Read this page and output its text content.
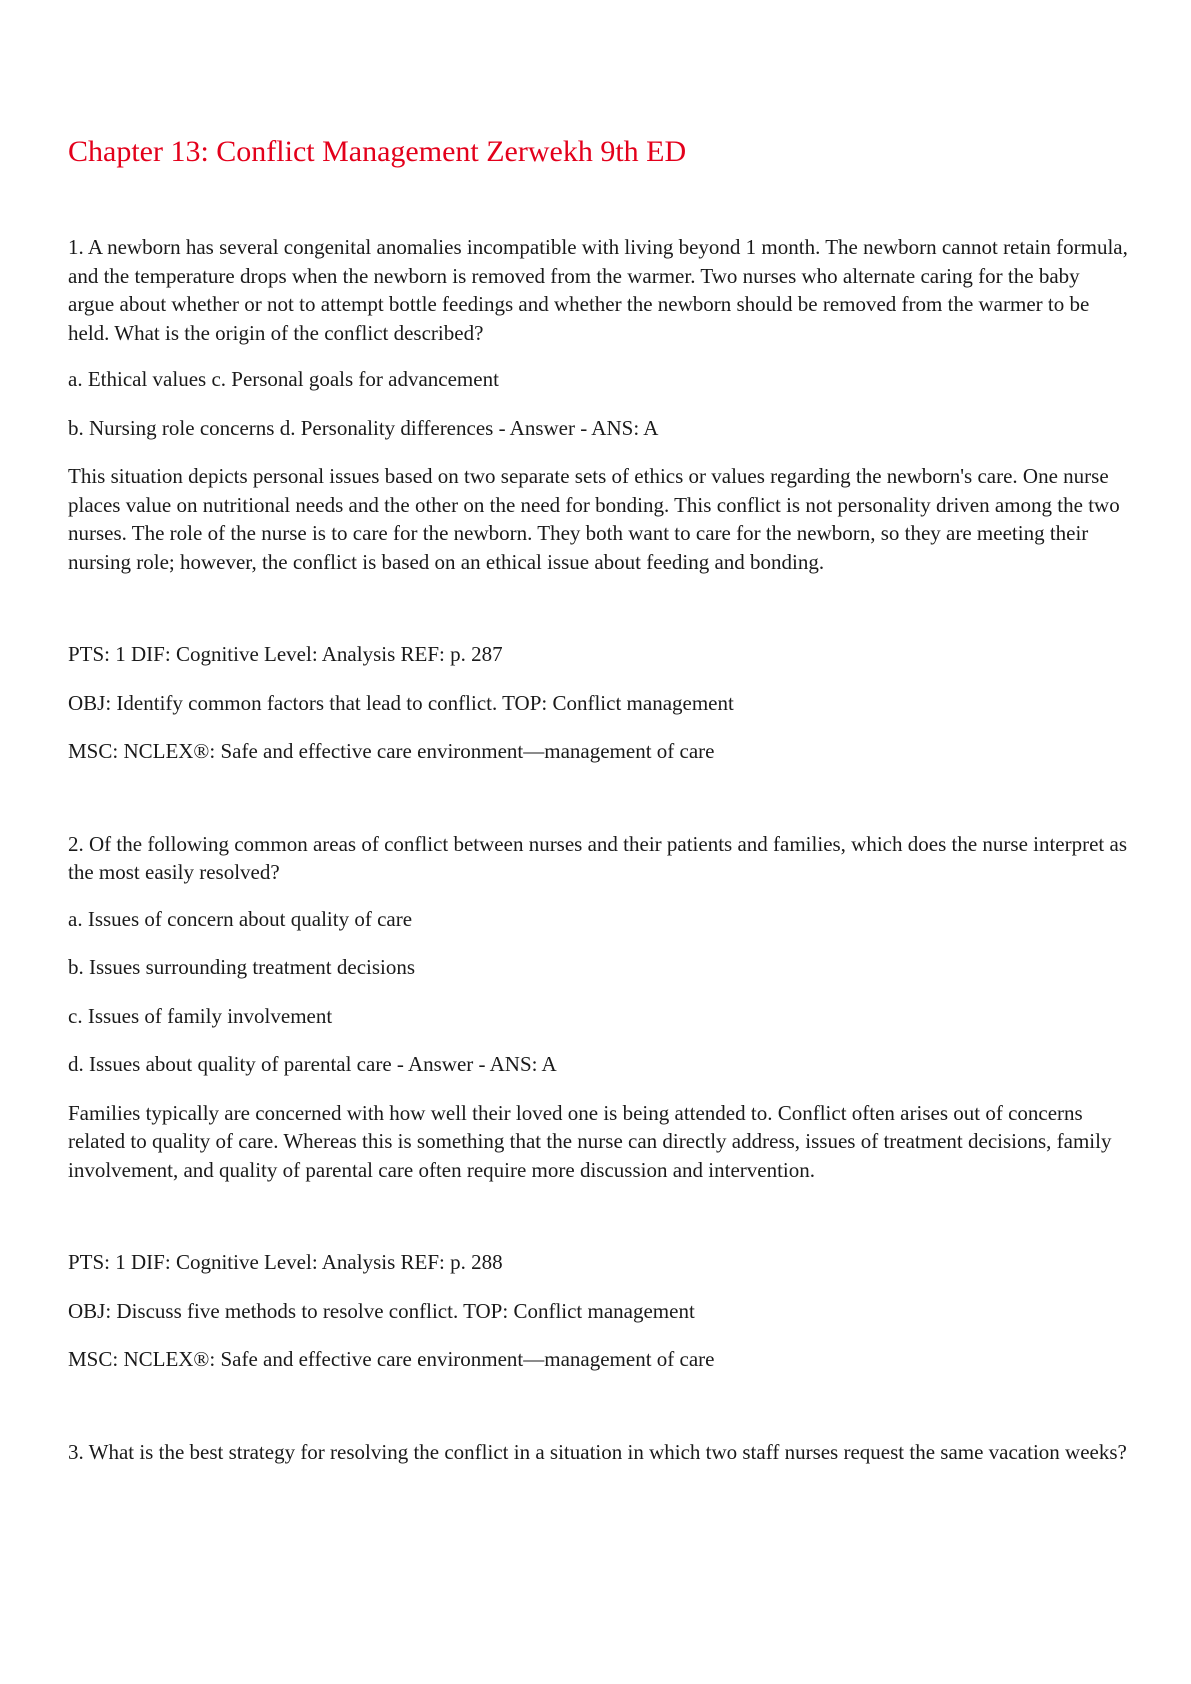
Chapter 13: Conflict Management Zerwekh 9th ED

1. A newborn has several congenital anomalies incompatible with living beyond 1 month. The newborn cannot retain formula, and the temperature drops when the newborn is removed from the warmer. Two nurses who alternate caring for the baby argue about whether or not to attempt bottle feedings and whether the newborn should be removed from the warmer to be held. What is the origin of the conflict described?

a. Ethical values c. Personal goals for advancement

b. Nursing role concerns d. Personality differences - Answer - ANS: A

This situation depicts personal issues based on two separate sets of ethics or values regarding the newborn's care. One nurse places value on nutritional needs and the other on the need for bonding. This conflict is not personality driven among the two nurses. The role of the nurse is to care for the newborn. They both want to care for the newborn, so they are meeting their nursing role; however, the conflict is based on an ethical issue about feeding and bonding.

PTS: 1 DIF: Cognitive Level: Analysis REF: p. 287

OBJ: Identify common factors that lead to conflict. TOP: Conflict management

MSC: NCLEX®: Safe and effective care environment—management of care

2. Of the following common areas of conflict between nurses and their patients and families, which does the nurse interpret as the most easily resolved?

a. Issues of concern about quality of care

b. Issues surrounding treatment decisions

c. Issues of family involvement

d. Issues about quality of parental care - Answer - ANS: A

Families typically are concerned with how well their loved one is being attended to. Conflict often arises out of concerns related to quality of care. Whereas this is something that the nurse can directly address, issues of treatment decisions, family involvement, and quality of parental care often require more discussion and intervention.

PTS: 1 DIF: Cognitive Level: Analysis REF: p. 288

OBJ: Discuss five methods to resolve conflict. TOP: Conflict management

MSC: NCLEX®: Safe and effective care environment—management of care

3. What is the best strategy for resolving the conflict in a situation in which two staff nurses request the same vacation weeks?
